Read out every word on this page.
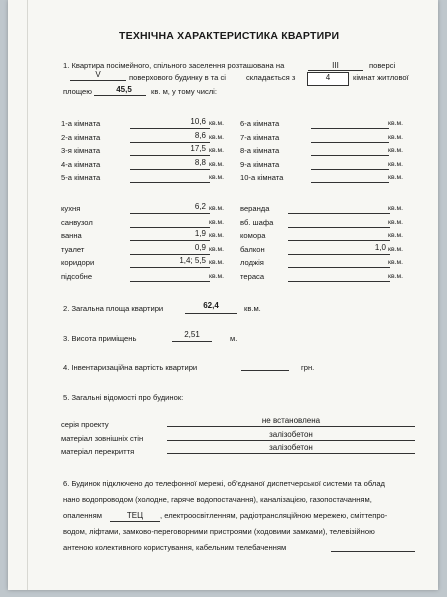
ТЕХНІЧНА ХАРАКТЕРИСТИКА КВАРТИРИ
1. Квартира посімейного, спільного заселення розташована на	III	поверсі
V	поверхового будинку в та сі	складається з	4	кімнат житлової
площею	45,5	кв. м, у тому числі:
1-а кімната	10,6 кв.м.
2-а кімната	8,6 кв.м.
3-я кімната	17,5 кв.м.
4-а кімната	8,8 кв.м.
5-а кімната	кв.м.
6-а кімната	кв.м.
7-а кімната	кв.м.
8-а кімната	кв.м.
9-а кімната	кв.м.
10-а кімната	кв.м.
кухня	6,2 кв.м.
санвузол	кв.м.
ванна	1,9 кв.м.
туалет	0,9 кв.м.
коридори	1,4; 5,5 кв.м.
підсобне	кв.м.
веранда	кв.м.
вб. шафа	кв.м.
комора	кв.м.
балкон	1,0 кв.м.
лоджія	кв.м.
тераса	кв.м.
2. Загальна площа квартири	62,4	кв.м.
3. Висота приміщень	2,51	м.
4. Інвентаризаційна вартість квартири	грн.
5. Загальні відомості про будинок:
серія проекту	не встановлена
матеріал зовнішніх стін	залізобетон
матеріал перекриття	залізобетон
6. Будинок підключено до телефонної мережі, об'єднаної диспетчерської системи та облад
нано водопроводом (холодне, гаряче водопостачання), каналізацією, газопостачанням,
опаленням	ТЕЦ	, електроосвітленням, радіотрансляційною мережею, сміттепро-
водом, ліфтами, замково-переговорними пристроями (ходовими замками), телевізійною
антеною колективного користування, кабельним телебаченням
